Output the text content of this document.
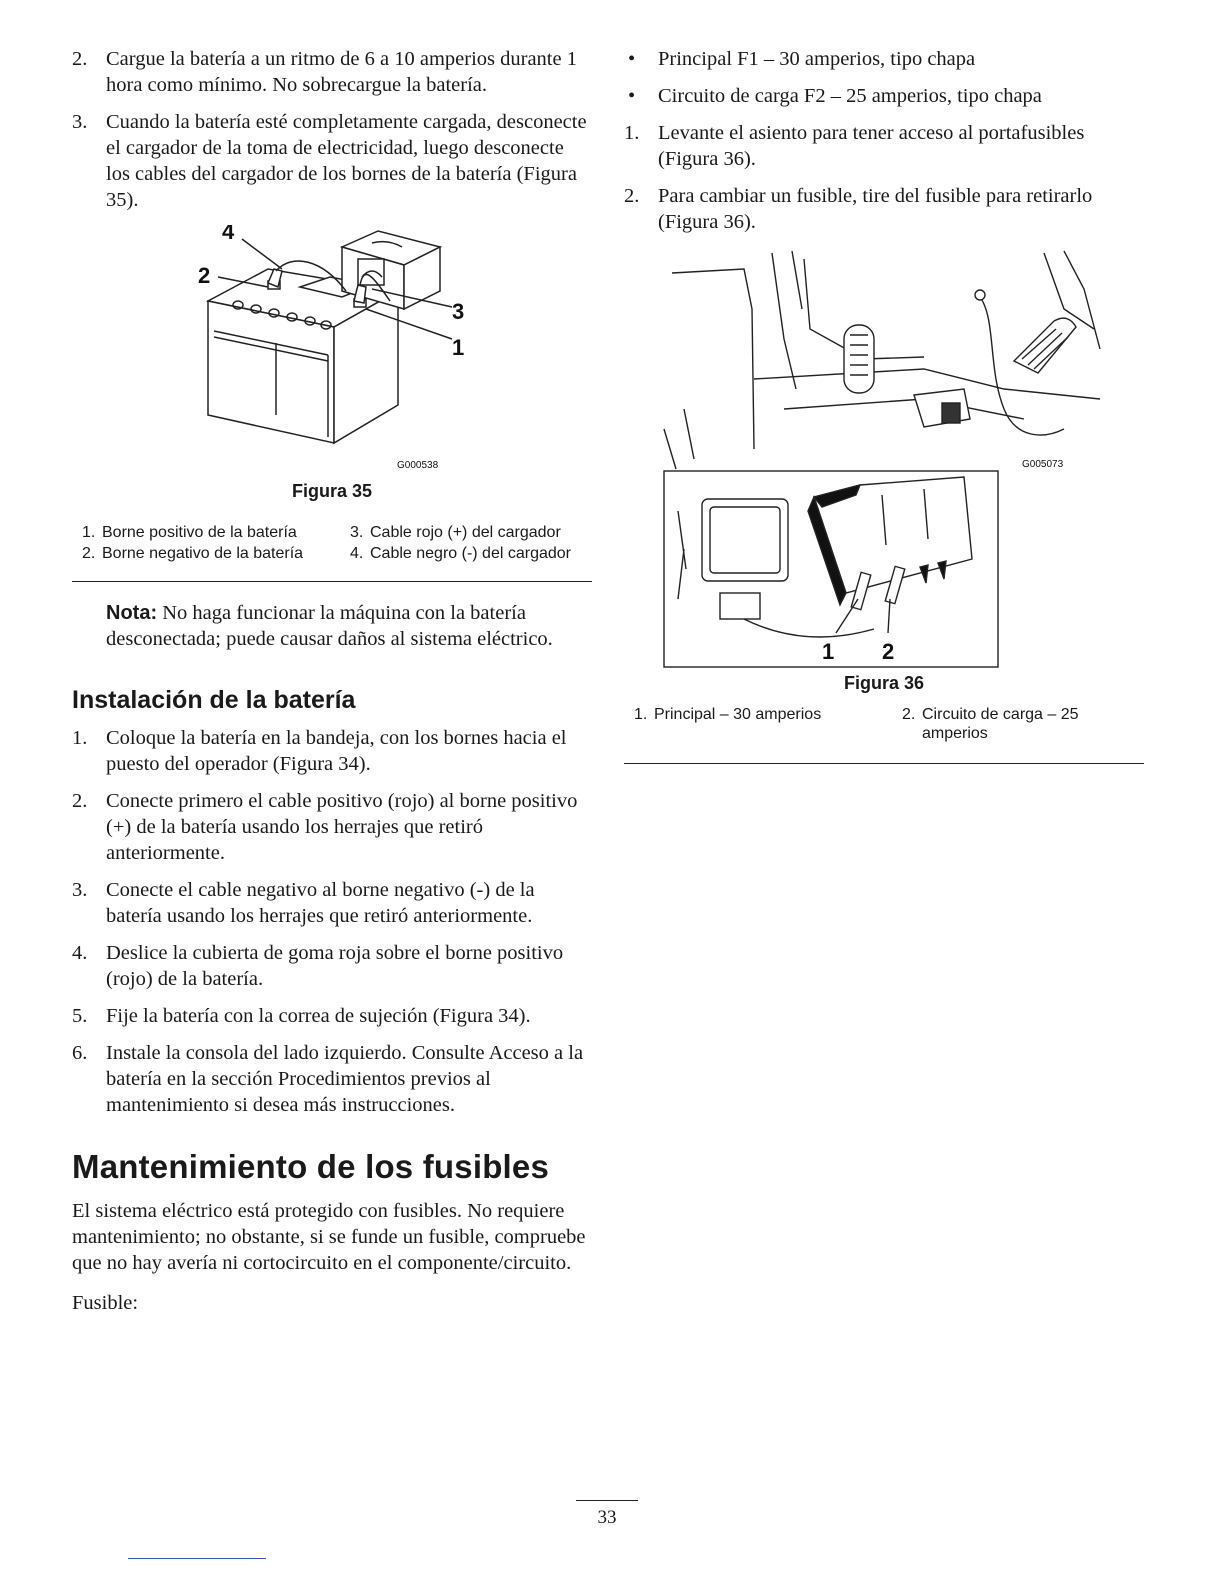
2. Cargue la batería a un ritmo de 6 a 10 amperios durante 1 hora como mínimo. No sobrecargue la batería.
3. Cuando la batería esté completamente cargada, desconecte el cargador de la toma de electricidad, luego desconecte los cables del cargador de los bornes de la batería (Figura 35).
4
2
3
1
G000538
Figura 35
1. Borne positivo de la batería	3. Cable rojo (+) del cargador
2. Borne negativo de la batería	4. Cable negro (-) del cargador
Nota: No haga funcionar la máquina con la batería desconectada; puede causar daños al sistema eléctrico.
Instalación de la batería
1. Coloque la batería en la bandeja, con los bornes hacia el puesto del operador (Figura 34).
2. Conecte primero el cable positivo (rojo) al borne positivo (+) de la batería usando los herrajes que retiró anteriormente.
3. Conecte el cable negativo al borne negativo (-) de la batería usando los herrajes que retiró anteriormente.
4. Deslice la cubierta de goma roja sobre el borne positivo (rojo) de la batería.
5. Fije la batería con la correa de sujeción (Figura 34).
6. Instale la consola del lado izquierdo. Consulte Acceso a la batería en la sección Procedimientos previos al mantenimiento si desea más instrucciones.
Mantenimiento de los fusibles

El sistema eléctrico está protegido con fusibles. No requiere mantenimiento; no obstante, si se funde un fusible, compruebe que no hay avería ni cortocircuito en el componente/circuito.

Fusible:

• Principal F1 – 30 amperios, tipo chapa
• Circuito de carga F2 – 25 amperios, tipo chapa
1. Levante el asiento para tener acceso al portafusibles (Figura 36).
2. Para cambiar un fusible, tire del fusible para retirarlo (Figura 36).
1 2
G005073
Figura 36
1. Principal – 30 amperios	2. Circuito de carga – 25 amperios
33
